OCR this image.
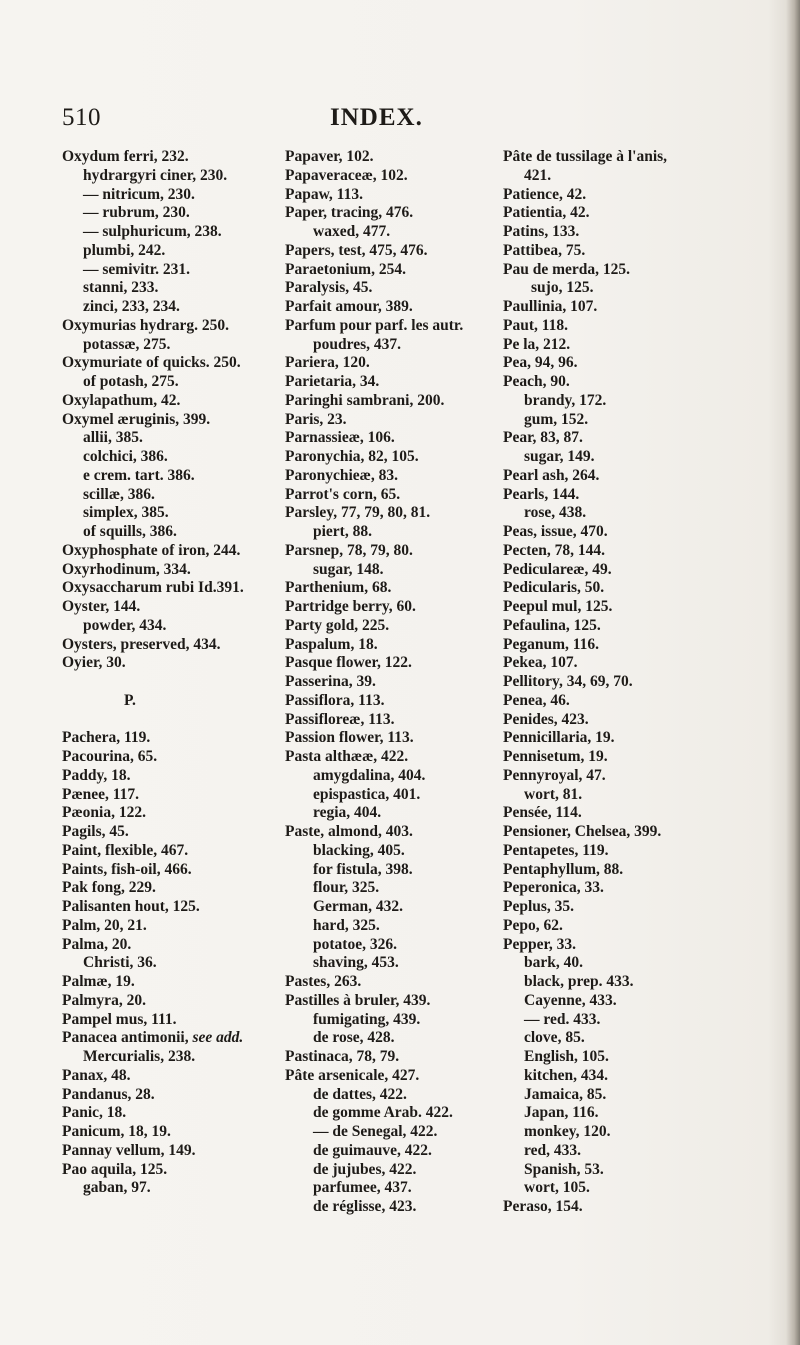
510	INDEX.
Oxydum ferri, 232.
hydrargyri ciner, 230.
— nitricum, 230.
— rubrum, 230.
— sulphuricum, 238.
plumbi, 242.
— semivitr. 231.
stanni, 233.
zinci, 233, 234.
Oxymurias hydrarg. 250.
potassæ, 275.
Oxymuriate of quicks. 250.
of potash, 275.
Oxylapathum, 42.
Oxymel æruginis, 399.
allii, 385.
colchici, 386.
e crem. tart. 386.
scillæ, 386.
simplex, 385.
of squills, 386.
Oxyphosphate of iron, 244.
Oxyrhodinum, 334.
Oxysaccharum rubi Id.391.
Oyster, 144.
powder, 434.
Oysters, preserved, 434.
Oyier, 30.
P.
Pachera, 119.
Pacourina, 65.
Paddy, 18.
Pænee, 117.
Pæonia, 122.
Pagils, 45.
Paint, flexible, 467.
Paints, fish-oil, 466.
Pak fong, 229.
Palisanten hout, 125.
Palm, 20, 21.
Palma, 20.
Christi, 36.
Palmæ, 19.
Palmyra, 20.
Pampel mus, 111.
Panacea antimonii, see add.
Mercurialis, 238.
Panax, 48.
Pandanus, 28.
Panic, 18.
Panicum, 18, 19.
Pannay vellum, 149.
Pao aquila, 125.
gaban, 97.
Papaver, 102.
Papaveraceæ, 102.
Papaw, 113.
Paper, tracing, 476.
waxed, 477.
Papers, test, 475, 476.
Paraetonium, 254.
Paralysis, 45.
Parfait amour, 389.
Parfum pour parf. les autr.
poudres, 437.
Pariera, 120.
Parietaria, 34.
Paringhi sambrani, 200.
Paris, 23.
Parnassieæ, 106.
Paronychia, 82, 105.
Paronychieæ, 83.
Parrot's corn, 65.
Parsley, 77, 79, 80, 81.
piert, 88.
Parsnep, 78, 79, 80.
sugar, 148.
Parthenium, 68.
Partridge berry, 60.
Party gold, 225.
Paspalum, 18.
Pasque flower, 122.
Passerina, 39.
Passiflora, 113.
Passifloreæ, 113.
Passion flower, 113.
Pasta althææ, 422.
amygdalina, 404.
epispastica, 401.
regia, 404.
Paste, almond, 403.
blacking, 405.
for fistula, 398.
flour, 325.
German, 432.
hard, 325.
potatoe, 326.
shaving, 453.
Pastes, 263.
Pastilles à bruler, 439.
fumigating, 439.
de rose, 428.
Pastinaca, 78, 79.
Pâte arsenicale, 427.
de dattes, 422.
de gomme Arab. 422.
— de Senegal, 422.
de guimauve, 422.
de jujubes, 422.
parfumee, 437.
de réglisse, 423.
Pâte de tussilage à l'anis,
421.
Patience, 42.
Patientia, 42.
Patins, 133.
Pattibea, 75.
Pau de merda, 125.
sujo, 125.
Paullinia, 107.
Paut, 118.
Pe la, 212.
Pea, 94, 96.
Peach, 90.
brandy, 172.
gum, 152.
Pear, 83, 87.
sugar, 149.
Pearl ash, 264.
Pearls, 144.
rose, 438.
Peas, issue, 470.
Pecten, 78, 144.
Pediculareæ, 49.
Pedicularis, 50.
Peepul mul, 125.
Pefaulina, 125.
Peganum, 116.
Pekea, 107.
Pellitory, 34, 69, 70.
Penea, 46.
Penides, 423.
Pennicillaria, 19.
Pennisetum, 19.
Pennyroyal, 47.
wort, 81.
Pensée, 114.
Pensioner, Chelsea, 399.
Pentapetes, 119.
Pentaphyllum, 88.
Peperonica, 33.
Peplus, 35.
Pepo, 62.
Pepper, 33.
bark, 40.
black, prep. 433.
Cayenne, 433.
— red. 433.
clove, 85.
English, 105.
kitchen, 434.
Jamaica, 85.
Japan, 116.
monkey, 120.
red, 433.
Spanish, 53.
wort, 105.
Peraso, 154.
